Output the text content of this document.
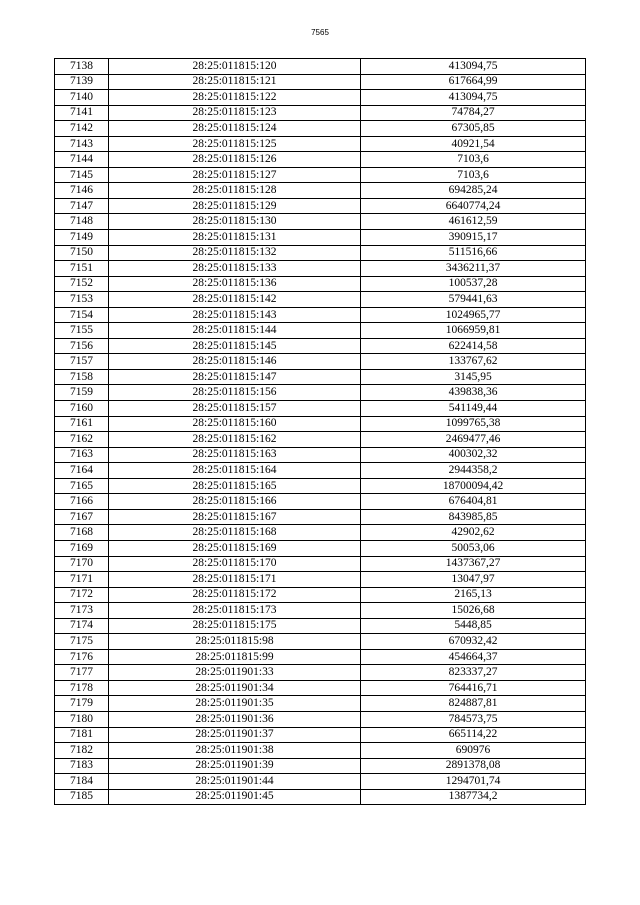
7565
7138	28:25:011815:120	413094,75
7139	28:25:011815:121	617664,99
7140	28:25:011815:122	413094,75
7141	28:25:011815:123	74784,27
7142	28:25:011815:124	67305,85
7143	28:25:011815:125	40921,54
7144	28:25:011815:126	7103,6
7145	28:25:011815:127	7103,6
7146	28:25:011815:128	694285,24
7147	28:25:011815:129	6640774,24
7148	28:25:011815:130	461612,59
7149	28:25:011815:131	390915,17
7150	28:25:011815:132	511516,66
7151	28:25:011815:133	3436211,37
7152	28:25:011815:136	100537,28
7153	28:25:011815:142	579441,63
7154	28:25:011815:143	1024965,77
7155	28:25:011815:144	1066959,81
7156	28:25:011815:145	622414,58
7157	28:25:011815:146	133767,62
7158	28:25:011815:147	3145,95
7159	28:25:011815:156	439838,36
7160	28:25:011815:157	541149,44
7161	28:25:011815:160	1099765,38
7162	28:25:011815:162	2469477,46
7163	28:25:011815:163	400302,32
7164	28:25:011815:164	2944358,2
7165	28:25:011815:165	18700094,42
7166	28:25:011815:166	676404,81
7167	28:25:011815:167	843985,85
7168	28:25:011815:168	42902,62
7169	28:25:011815:169	50053,06
7170	28:25:011815:170	1437367,27
7171	28:25:011815:171	13047,97
7172	28:25:011815:172	2165,13
7173	28:25:011815:173	15026,68
7174	28:25:011815:175	5448,85
7175	28:25:011815:98	670932,42
7176	28:25:011815:99	454664,37
7177	28:25:011901:33	823337,27
7178	28:25:011901:34	764416,71
7179	28:25:011901:35	824887,81
7180	28:25:011901:36	784573,75
7181	28:25:011901:37	665114,22
7182	28:25:011901:38	690976
7183	28:25:011901:39	2891378,08
7184	28:25:011901:44	1294701,74
7185	28:25:011901:45	1387734,2
